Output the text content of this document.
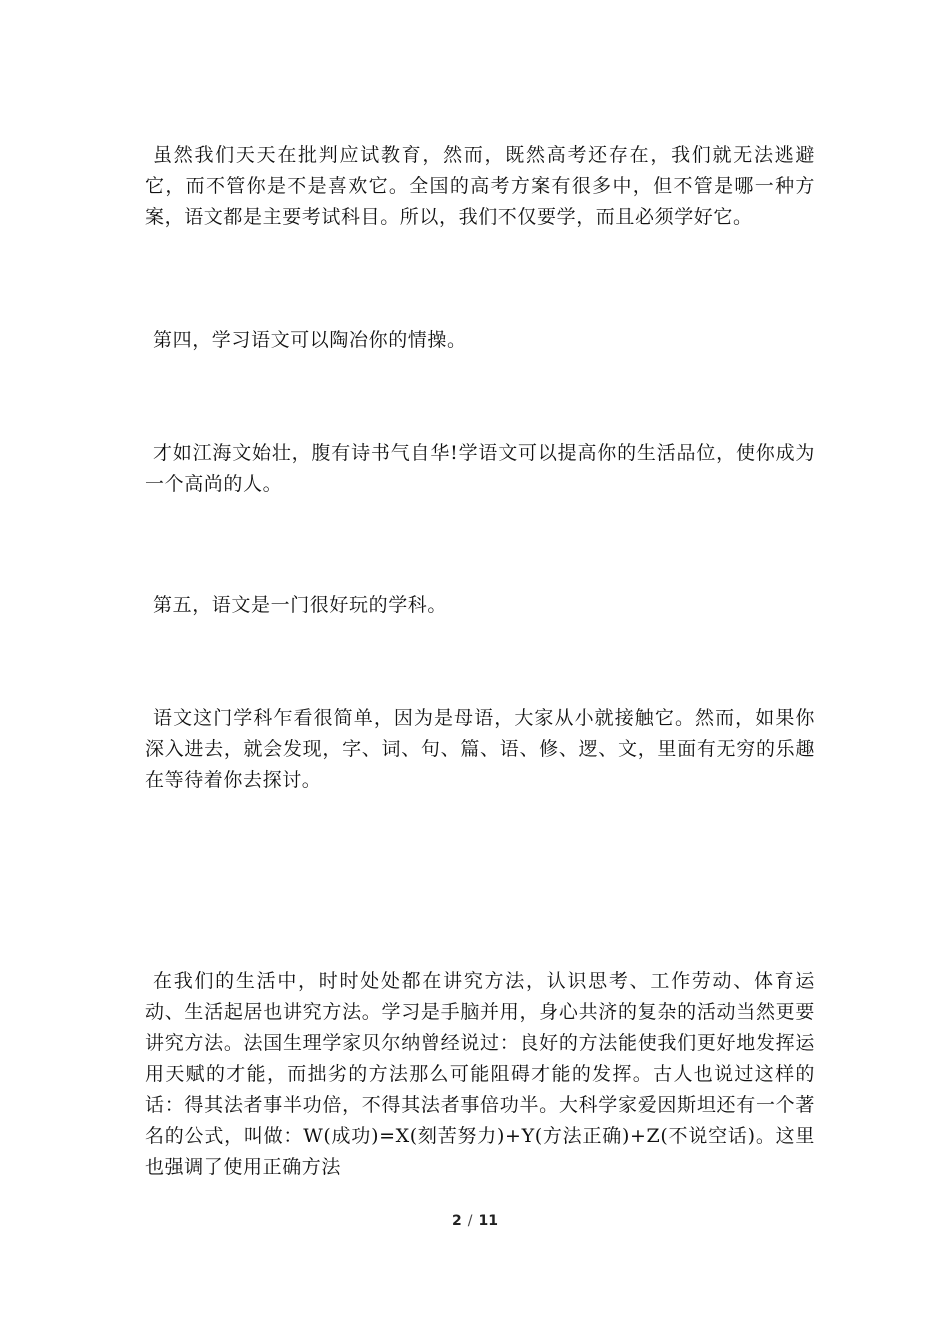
虽然我们天天在批判应试教育，然而，既然高考还存在，我们就无法逃避它，而不管你是不是喜欢它。全国的高考方案有很多中，但不管是哪一种方案，语文都是主要考试科目。所以，我们不仅要学，而且必须学好它。

第四，学习语文可以陶冶你的情操。

才如江海文始壮，腹有诗书气自华!学语文可以提高你的生活品位，使你成为一个高尚的人。

第五，语文是一门很好玩的学科。

语文这门学科乍看很简单，因为是母语，大家从小就接触它。然而，如果你深入进去，就会发现，字、词、句、篇、语、修、逻、文，里面有无穷的乐趣在等待着你去探讨。

在我们的生活中，时时处处都在讲究方法，认识思考、工作劳动、体育运动、生活起居也讲究方法。学习是手脑并用，身心共济的复杂的活动当然更要讲究方法。法国生理学家贝尔纳曾经说过：良好的方法能使我们更好地发挥运用天赋的才能，而拙劣的方法那么可能阻碍才能的发挥。古人也说过这样的话：得其法者事半功倍，不得其法者事倍功半。大科学家爱因斯坦还有一个著名的公式，叫做：W(成功)=X(刻苦努力)+Y(方法正确)+Z(不说空话)。这里也强调了使用正确方法

2 / 11
